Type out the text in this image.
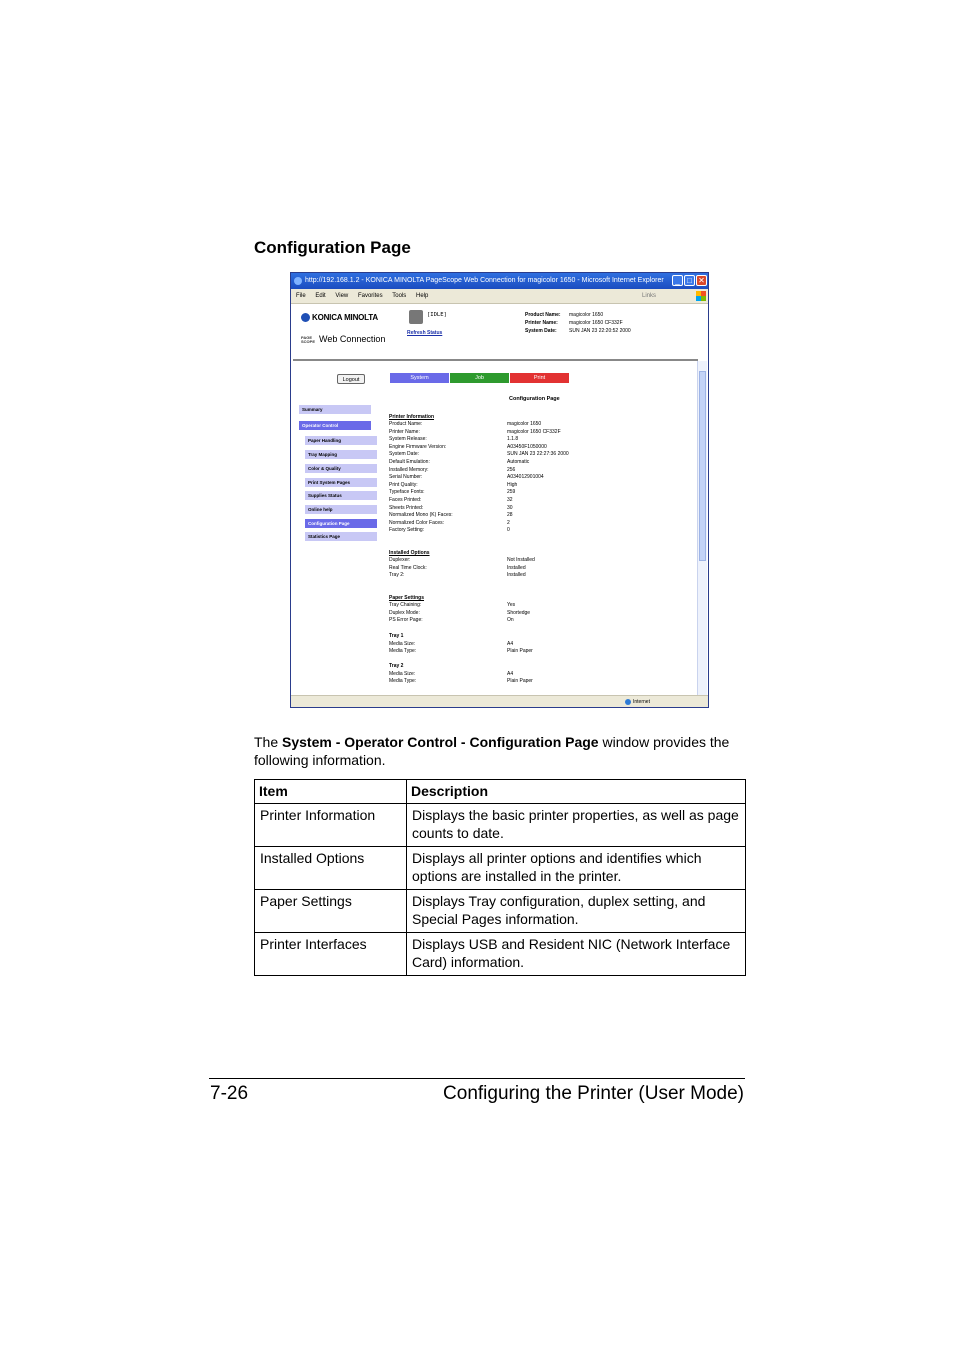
Configuration Page
http://192.168.1.2 - KONICA MINOLTA PageScope Web Connection for magicolor 1650 - Microsoft Internet Explorer	_ □ ✕
File Edit View Favorites Tools Help	Links
KONICA MINOLTA
PAGE SCOPE Web Connection
[IDLE]
Refresh Status
Product Name: magicolor 1650
Printer Name: magicolor 1650 CF332F
System Date: SUN JAN 23 22:20:52 2000
Logout	System	Job	Print
Summary
Operator Control
Paper Handling
Tray Mapping
Color & Quality
Print System Pages
Supplies Status
Online help
Configuration Page
Statistics Page
Configuration Page
Printer Information
Product Name:	magicolor 1650
Printer Name:	magicolor 1650 CF332F
System Release:	1.1.8
Engine Firmware Version:	A03450F1050000
System Date:	SUN JAN 23 22:27:36 2000
Default Emulation:	Automatic
Installed Memory:	256
Serial Number:	A034012901004
Print Quality:	High
Typeface Fonts:	259
Faces Printed:	32
Sheets Printed:	30
Normalized Mono (K) Faces:	28
Normalized Color Faces:	2
Factory Setting:	0
Installed Options
Duplexer:	Not Installed
Real Time Clock:	Installed
Tray 2:	Installed
Paper Settings
Tray Chaining:	Yes
Duplex Mode:	Shortedge
PS Error Page:	On
Tray 1
Media Size:	A4
Media Type:	Plain Paper
Tray 2
Media Size:	A4
Media Type:	Plain Paper
Internet

The System - Operator Control - Configuration Page window provides the following information.

Item	Description
Printer Information	Displays the basic printer properties, as well as page counts to date.
Installed Options	Displays all printer options and identifies which options are installed in the printer.
Paper Settings	Displays Tray configuration, duplex setting, and Special Pages information.
Printer Interfaces	Displays USB and Resident NIC (Network Interface Card) information.
7-26	Configuring the Printer (User Mode)
